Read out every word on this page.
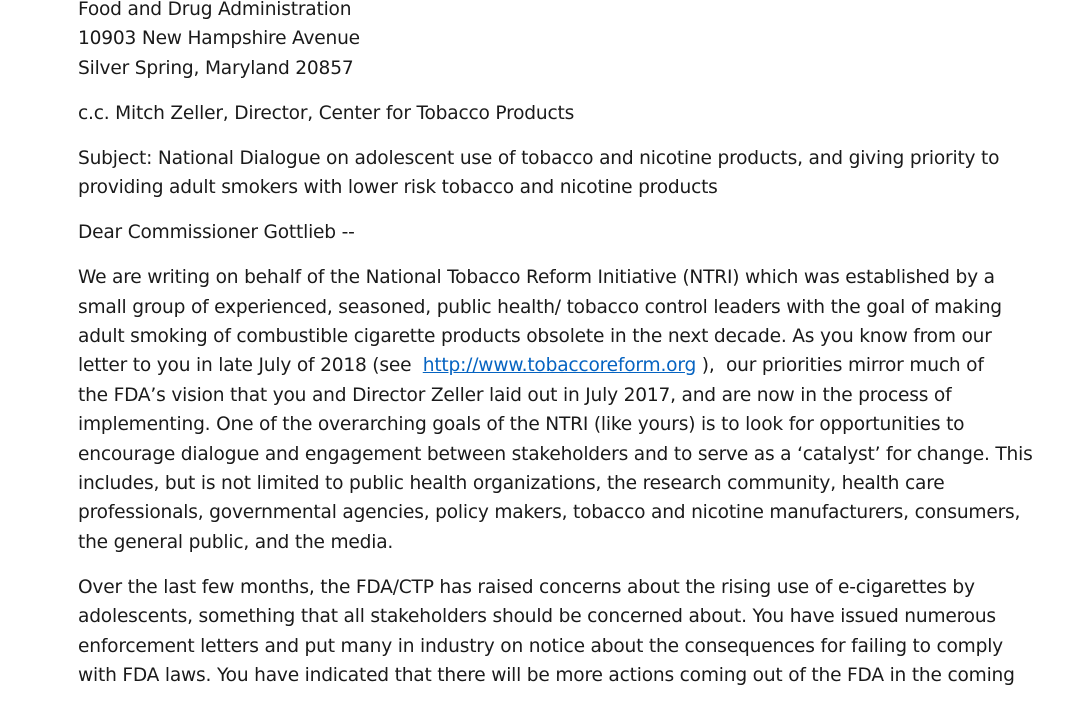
Food and Drug Administration
10903 New Hampshire Avenue
Silver Spring, Maryland 20857
c.c. Mitch Zeller, Director, Center for Tobacco Products
Subject: National Dialogue on adolescent use of tobacco and nicotine products, and giving priority to
providing adult smokers with lower risk tobacco and nicotine products
Dear Commissioner Gottlieb --
We are writing on behalf of the National Tobacco Reform Initiative (NTRI) which was established by a
small group of experienced, seasoned, public health/ tobacco control leaders with the goal of making
adult smoking of combustible cigarette products obsolete in the next decade. As you know from our
letter to you in late July of 2018 (see  http://www.tobaccoreform.org ),  our priorities mirror much of
the FDA’s vision that you and Director Zeller laid out in July 2017, and are now in the process of
implementing. One of the overarching goals of the NTRI (like yours) is to look for opportunities to
encourage dialogue and engagement between stakeholders and to serve as a ‘catalyst’ for change. This
includes, but is not limited to public health organizations, the research community, health care
professionals, governmental agencies, policy makers, tobacco and nicotine manufacturers, consumers,
the general public, and the media.
Over the last few months, the FDA/CTP has raised concerns about the rising use of e-cigarettes by
adolescents, something that all stakeholders should be concerned about. You have issued numerous
enforcement letters and put many in industry on notice about the consequences for failing to comply
with FDA laws. You have indicated that there will be more actions coming out of the FDA in the coming
